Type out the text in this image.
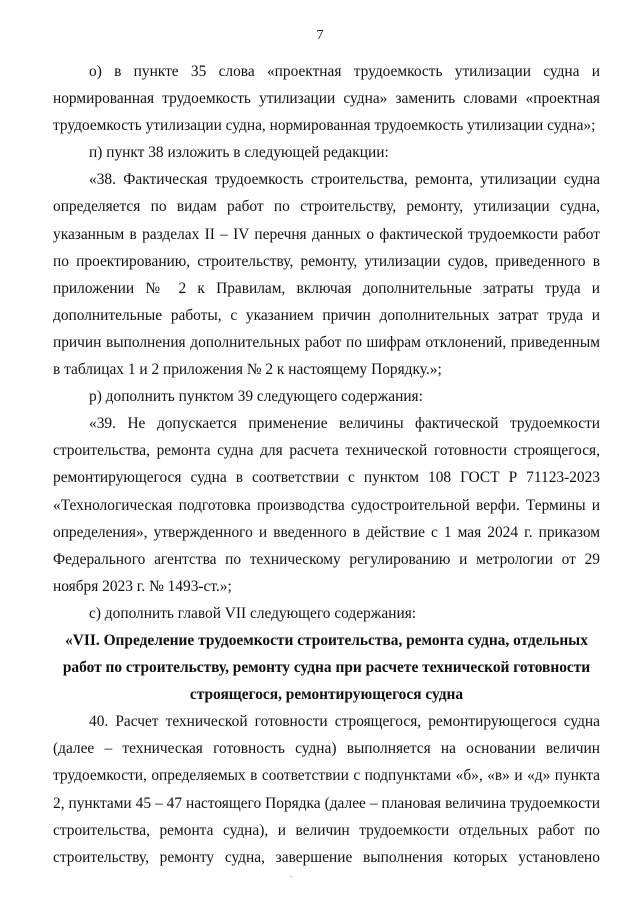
7

о) в пункте 35 слова «проектная трудоемкость утилизации судна и нормированная трудоемкость утилизации судна» заменить словами «проектная трудоемкость утилизации судна, нормированная трудоемкость утилизации судна»;

п) пункт 38 изложить в следующей редакции:

«38. Фактическая трудоемкость строительства, ремонта, утилизации судна определяется по видам работ по строительству, ремонту, утилизации судна, указанным в разделах II – IV перечня данных о фактической трудоемкости работ по проектированию, строительству, ремонту, утилизации судов, приведенного в приложении № 2 к Правилам, включая дополнительные затраты труда и дополнительные работы, с указанием причин дополнительных затрат труда и причин выполнения дополнительных работ по шифрам отклонений, приведенным в таблицах 1 и 2 приложения № 2 к настоящему Порядку.»;

р) дополнить пунктом 39 следующего содержания:

«39. Не допускается применение величины фактической трудоемкости строительства, ремонта судна для расчета технической готовности строящегося, ремонтирующегося судна в соответствии с пунктом 108 ГОСТ Р 71123-2023 «Технологическая подготовка производства судостроительной верфи. Термины и определения», утвержденного и введенного в действие с 1 мая 2024 г. приказом Федерального агентства по техническому регулированию и метрологии от 29 ноября 2023 г. № 1493-ст.»;

с) дополнить главой VII следующего содержания:

«VII. Определение трудоемкости строительства, ремонта судна, отдельных работ по строительству, ремонту судна при расчете технической готовности строящегося, ремонтирующегося судна

40. Расчет технической готовности строящегося, ремонтирующегося судна (далее – техническая готовность судна) выполняется на основании величин трудоемкости, определяемых в соответствии с подпунктами «б», «в» и «д» пункта 2, пунктами 45 – 47 настоящего Порядка (далее – плановая величина трудоемкости строительства, ремонта судна), и величин трудоемкости отдельных работ по строительству, ремонту судна, завершение выполнения которых установлено
